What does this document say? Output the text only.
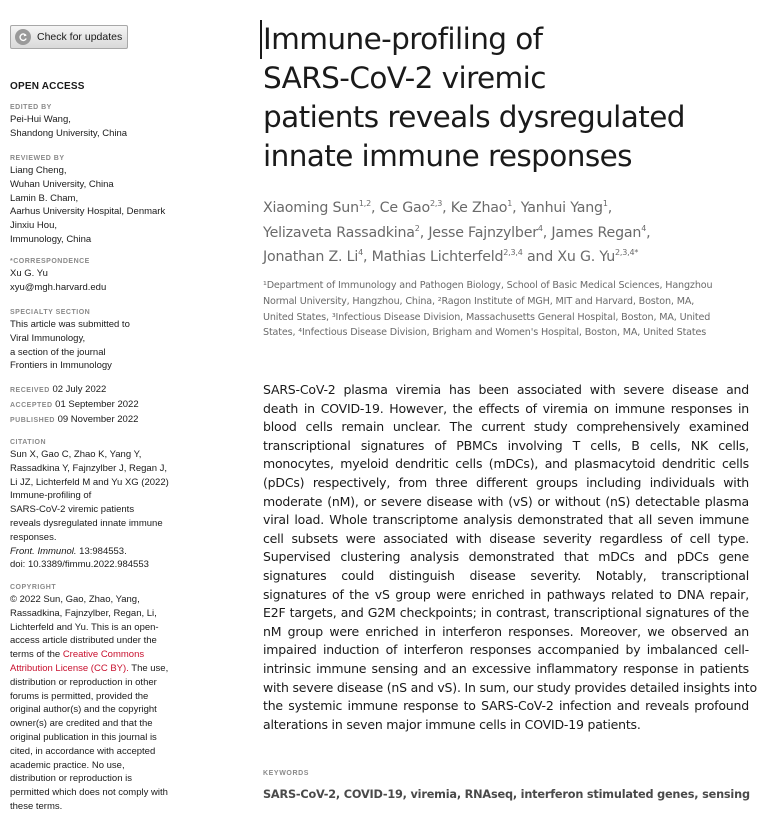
Check for updates
OPEN ACCESS
EDITED BY
Pei-Hui Wang,
Shandong University, China
REVIEWED BY
Liang Cheng,
Wuhan University, China
Lamin B. Cham,
Aarhus University Hospital, Denmark
Jinxiu Hou,
Immunology, China
*CORRESPONDENCE
Xu G. Yu
xyu@mgh.harvard.edu
SPECIALTY SECTION
This article was submitted to
Viral Immunology,
a section of the journal
Frontiers in Immunology
RECEIVED 02 July 2022
ACCEPTED 01 September 2022
PUBLISHED 09 November 2022
CITATION
Sun X, Gao C, Zhao K, Yang Y,
Rassadkina Y, Fajnzylber J, Regan J,
Li JZ, Lichterfeld M and Yu XG (2022)
Immune-profiling of
SARS-CoV-2 viremic patients
reveals dysregulated innate immune
responses.
Front. Immunol. 13:984553.
doi: 10.3389/fimmu.2022.984553
COPYRIGHT
© 2022 Sun, Gao, Zhao, Yang,
Rassadkina, Fajnzylber, Regan, Li,
Lichterfeld and Yu. This is an open-
access article distributed under the
terms of the Creative Commons
Attribution License (CC BY). The use,
distribution or reproduction in other
forums is permitted, provided the
original author(s) and the copyright
owner(s) are credited and that the
original publication in this journal is
cited, in accordance with accepted
academic practice. No use,
distribution or reproduction is
permitted which does not comply with
these terms.
Immune-profiling of
SARS-CoV-2 viremic
patients reveals dysregulated
innate immune responses
Xiaoming Sun$^{1,2}$, Ce Gao$^{2,3}$, Ke Zhao$^1$, Yanhui Yang$^1$,
Yelizaveta Rassadkina$^2$, Jesse Fajnzylber$^4$, James Regan$^4$,
Jonathan Z. Li$^4$, Mathias Lichterfeld$^{2,3,4}$ and Xu G. $Yu^{2,3,4*}$
¹Department of Immunology and Pathogen Biology, School of Basic Medical Sciences, Hangzhou
Normal University, Hangzhou, China, ²Ragon Institute of MGH, MIT and Harvard, Boston, MA,
United States, ³Infectious Disease Division, Massachusetts General Hospital, Boston, MA, United
States, ⁴Infectious Disease Division, Brigham and Women's Hospital, Boston, MA, United States
SARS-CoV-2 plasma viremia has been associated with severe disease and
death in COVID-19. However, the effects of viremia on immune responses in
blood cells remain unclear. The current study comprehensively examined
transcriptional signatures of PBMCs involving T cells, B cells, NK cells,
monocytes, myeloid dendritic cells (mDCs), and plasmacytoid dendritic cells
(pDCs) respectively, from three different groups including individuals with
moderate (nM), or severe disease with (vS) or without (nS) detectable plasma
viral load. Whole transcriptome analysis demonstrated that all seven immune
cell subsets were associated with disease severity regardless of cell type.
Supervised clustering analysis demonstrated that mDCs and pDCs gene
signatures could distinguish disease severity. Notably, transcriptional
signatures of the vS group were enriched in pathways related to DNA repair,
E2F targets, and G2M checkpoints; in contrast, transcriptional signatures of the
nM group were enriched in interferon responses. Moreover, we observed an
impaired induction of interferon responses accompanied by imbalanced cell-
intrinsic immune sensing and an excessive inflammatory response in patients
with severe disease (nS and vS). In sum, our study provides detailed insights into
the systemic immune response to SARS-CoV-2 infection and reveals profound
alterations in seven major immune cells in COVID-19 patients.
KEYWORDS
SARS-CoV-2, COVID-19, viremia, RNAseq, interferon stimulated genes, sensing
